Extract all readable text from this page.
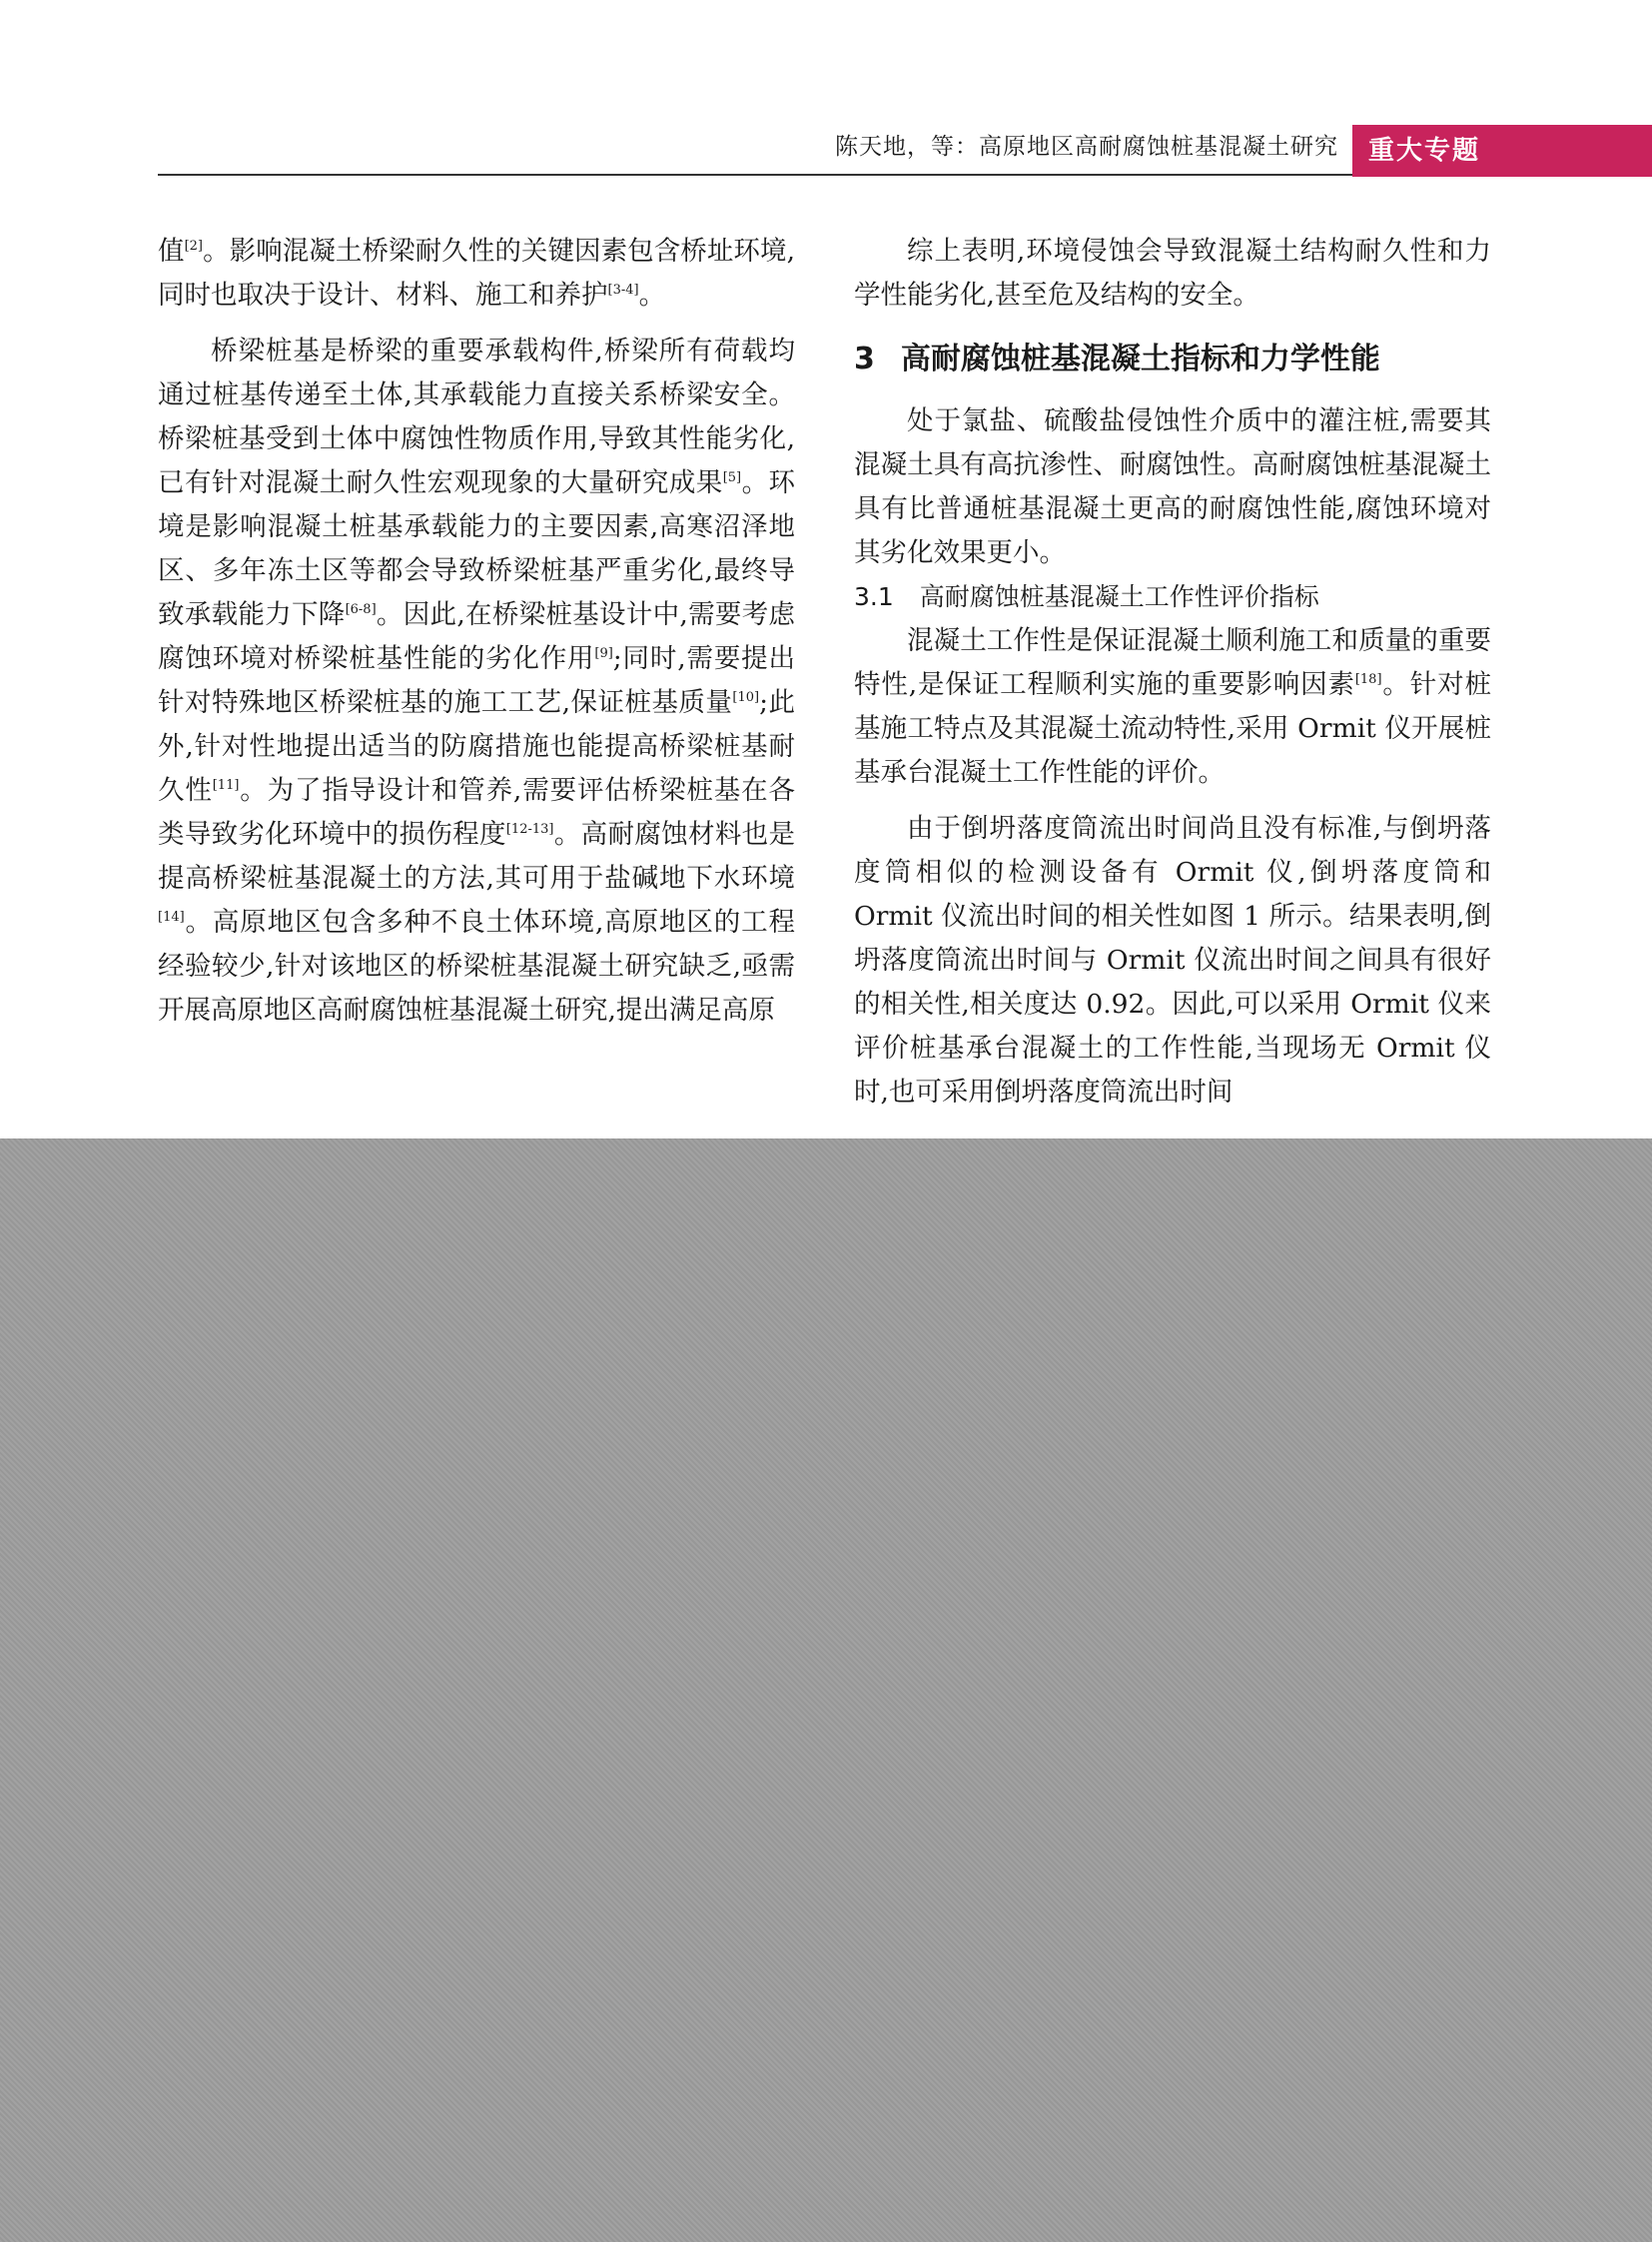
陈天地，等：高原地区高耐腐蚀桩基混凝土研究	重大专题

值[2]。影响混凝土桥梁耐久性的关键因素包含桥址环境,同时也取决于设计、材料、施工和养护[3-4]。

桥梁桩基是桥梁的重要承载构件,桥梁所有荷载均通过桩基传递至土体,其承载能力直接关系桥梁安全。桥梁桩基受到土体中腐蚀性物质作用,导致其性能劣化,已有针对混凝土耐久性宏观现象的大量研究成果[5]。环境是影响混凝土桩基承载能力的主要因素,高寒沼泽地区、多年冻土区等都会导致桥梁桩基严重劣化,最终导致承载能力下降[6-8]。因此,在桥梁桩基设计中,需要考虑腐蚀环境对桥梁桩基性能的劣化作用[9];同时,需要提出针对特殊地区桥梁桩基的施工工艺,保证桩基质量[10];此外,针对性地提出适当的防腐措施也能提高桥梁桩基耐久性[11]。为了指导设计和管养,需要评估桥梁桩基在各类导致劣化环境中的损伤程度[12-13]。高耐腐蚀材料也是提高桥梁桩基混凝土的方法,其可用于盐碱地下水环境[14]。高原地区包含多种不良土体环境,高原地区的工程经验较少,针对该地区的桥梁桩基混凝土研究缺乏,亟需开展高原地区高耐腐蚀桩基混凝土研究,提出满足高原

综上表明,环境侵蚀会导致混凝土结构耐久性和力学性能劣化,甚至危及结构的安全。

3 高耐腐蚀桩基混凝土指标和力学性能

处于氯盐、硫酸盐侵蚀性介质中的灌注桩,需要其混凝土具有高抗渗性、耐腐蚀性。高耐腐蚀桩基混凝土具有比普通桩基混凝土更高的耐腐蚀性能,腐蚀环境对其劣化效果更小。

3.1 高耐腐蚀桩基混凝土工作性评价指标

混凝土工作性是保证混凝土顺利施工和质量的重要特性,是保证工程顺利实施的重要影响因素[18]。针对桩基施工特点及其混凝土流动特性,采用 Ormit 仪开展桩基承台混凝土工作性能的评价。

由于倒坍落度筒流出时间尚且没有标准,与倒坍落度筒相似的检测设备有 Ormit 仪,倒坍落度筒和 Ormit 仪流出时间的相关性如图 1 所示。结果表明,倒坍落度筒流出时间与 Ormit 仪流出时间之间具有很好的相关性,相关度达 0.92。因此,可以采用 Ormit 仪来评价桩基承台混凝土的工作性能,当现场无 Ormit 仪时,也可采用倒坍落度筒流出时间
